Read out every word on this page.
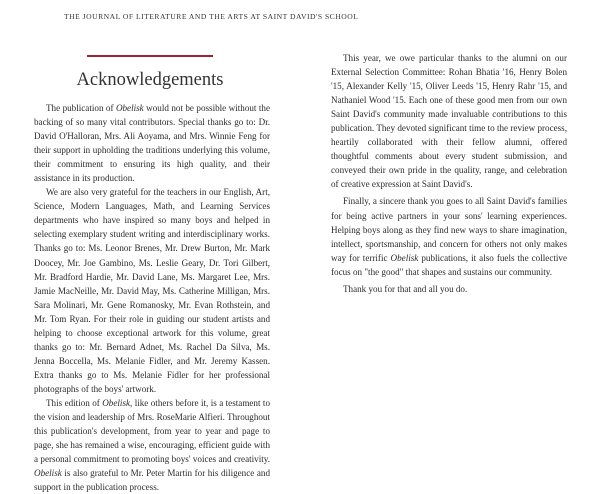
THE JOURNAL OF LITERATURE AND THE ARTS AT SAINT DAVID'S SCHOOL
Acknowledgements

The publication of Obelisk would not be possible without the backing of so many vital contributors. Special thanks go to: Dr. David O'Halloran, Mrs. Ali Aoyama, and Mrs. Winnie Feng for their support in upholding the traditions underlying this volume, their commitment to ensuring its high quality, and their assistance in its production.

We are also very grateful for the teachers in our English, Art, Science, Modern Languages, Math, and Learning Services departments who have inspired so many boys and helped in selecting exemplary student writing and interdisciplinary works. Thanks go to: Ms. Leonor Brenes, Mr. Drew Burton, Mr. Mark Doocey, Mr. Joe Gambino, Ms. Leslie Geary, Dr. Tori Gilbert, Mr. Bradford Hardie, Mr. David Lane, Ms. Margaret Lee, Mrs. Jamie MacNeille, Mr. David May, Ms. Catherine Milligan, Mrs. Sara Molinari, Mr. Gene Romanosky, Mr. Evan Rothstein, and Mr. Tom Ryan. For their role in guiding our student artists and helping to choose exceptional artwork for this volume, great thanks go to: Mr. Bernard Adnet, Ms. Rachel Da Silva, Ms. Jenna Boccella, Ms. Melanie Fidler, and Mr. Jeremy Kassen. Extra thanks go to Ms. Melanie Fidler for her professional photographs of the boys' artwork.

This edition of Obelisk, like others before it, is a testament to the vision and leadership of Mrs. RoseMarie Alfieri. Throughout this publication's development, from year to year and page to page, she has remained a wise, encouraging, efficient guide with a personal commitment to promoting boys' voices and creativity. Obelisk is also grateful to Mr. Peter Martin for his diligence and support in the publication process.

This year, we owe particular thanks to the alumni on our External Selection Committee: Rohan Bhatia '16, Henry Bolen '15, Alexander Kelly '15, Oliver Leeds '15, Henry Rahr '15, and Nathaniel Wood '15. Each one of these good men from our own Saint David's community made invaluable contributions to this publication. They devoted significant time to the review process, heartily collaborated with their fellow alumni, offered thoughtful comments about every student submission, and conveyed their own pride in the quality, range, and celebration of creative expression at Saint David's.

Finally, a sincere thank you goes to all Saint David's families for being active partners in your sons' learning experiences. Helping boys along as they find new ways to share imagination, intellect, sportsmanship, and concern for others not only makes way for terrific Obelisk publications, it also fuels the collective focus on "the good" that shapes and sustains our community.

Thank you for that and all you do.
